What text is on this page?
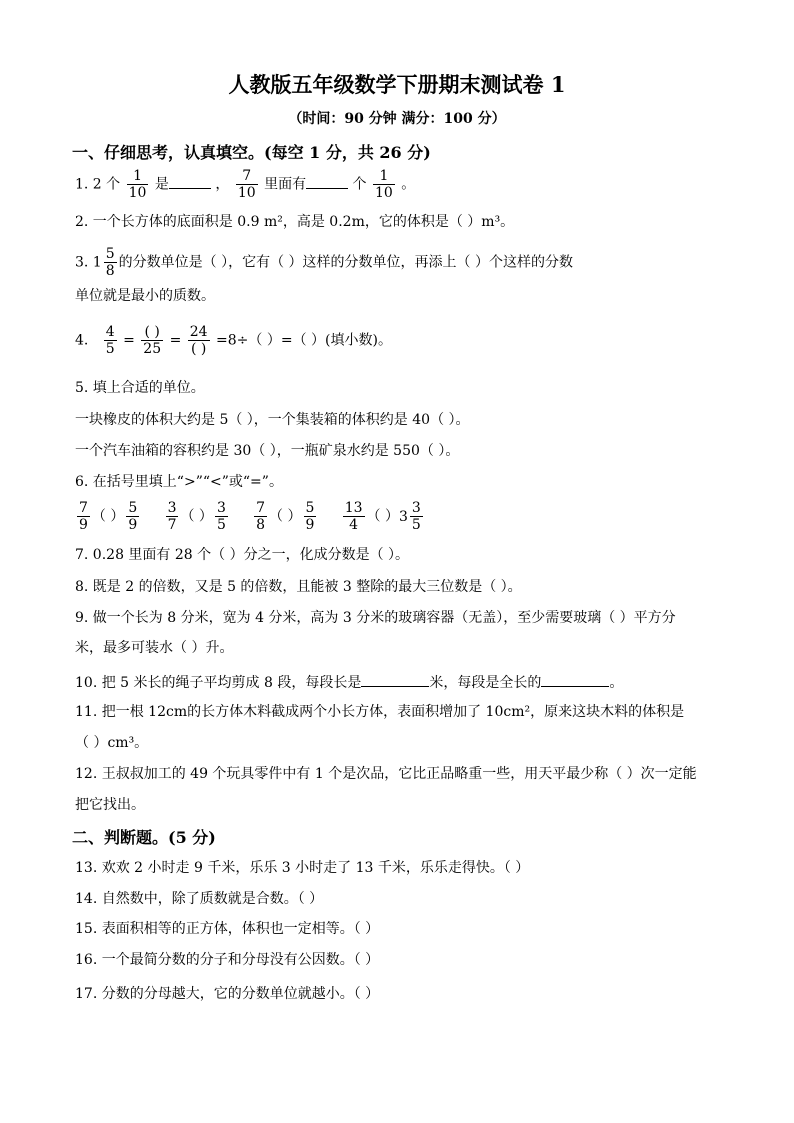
人教版五年级数学下册期末测试卷 1
（时间：90 分钟 满分：100 分）
一、仔细思考，认真填空。(每空 1 分，共 26 分)
1. 2 个 $\frac{1}{10}$ 是	， $\frac{7}{10}$ 里面有	个 $\frac{1}{10}$ 。
2. 一个长方体的底面积是 0.9 m²，高是 0.2m，它的体积是（ ）m³。
3. $1 \frac{5}{8}$ 的分数单位是（ ），它有（ ）这样的分数单位，再添上（ ）个这样的分数
单位就是最小的质数。
4. $\frac{4}{5} = \frac{( )}{25} = \frac{24}{( )} =8\div$（ ）=（ ）(填小数)。
5. 填上合适的单位。
一块橡皮的体积大约是 5（ ），一个集装箱的体积约是 40（ ）。
一个汽车油箱的容积约是 30（ ），一瓶矿泉水约是 550（ ）。
6. 在括号里填上“>”“<”或“=”。
$\frac{7}{9}$ （ ） $\frac{5}{9}$
$\frac{3}{7}$ （ ） $\frac{3}{5}$
$\frac{7}{8}$ （ ） $\frac{5}{9}$
$\frac{13}{4}$ （ ） $3 \frac{3}{5}$
7. 0.28 里面有 28 个（ ）分之一，化成分数是（ ）。
8. 既是 2 的倍数，又是 5 的倍数，且能被 3 整除的最大三位数是（ ）。
9. 做一个长为 8 分米，宽为 4 分米，高为 3 分米的玻璃容器（无盖），至少需要玻璃（ ）平方分
米，最多可装水（ ）升。
10. 把 5 米长的绳子平均剪成 8 段，每段长是	米，每段是全长的	。
11. 把一根 12cm的长方体木料截成两个小长方体，表面积增加了 10cm²，原来这块木料的体积是
（ ）cm³。
12. 王叔叔加工的 49 个玩具零件中有 1 个是次品，它比正品略重一些，用天平最少称（ ）次一定能
把它找出。
二、判断题。(5 分)
13. 欢欢 2 小时走 9 千米，乐乐 3 小时走了 13 千米，乐乐走得快。（ ）
14. 自然数中，除了质数就是合数。（ ）
15. 表面积相等的正方体，体积也一定相等。（ ）
16. 一个最简分数的分子和分母没有公因数。（ ）
17. 分数的分母越大，它的分数单位就越小。（ ）
